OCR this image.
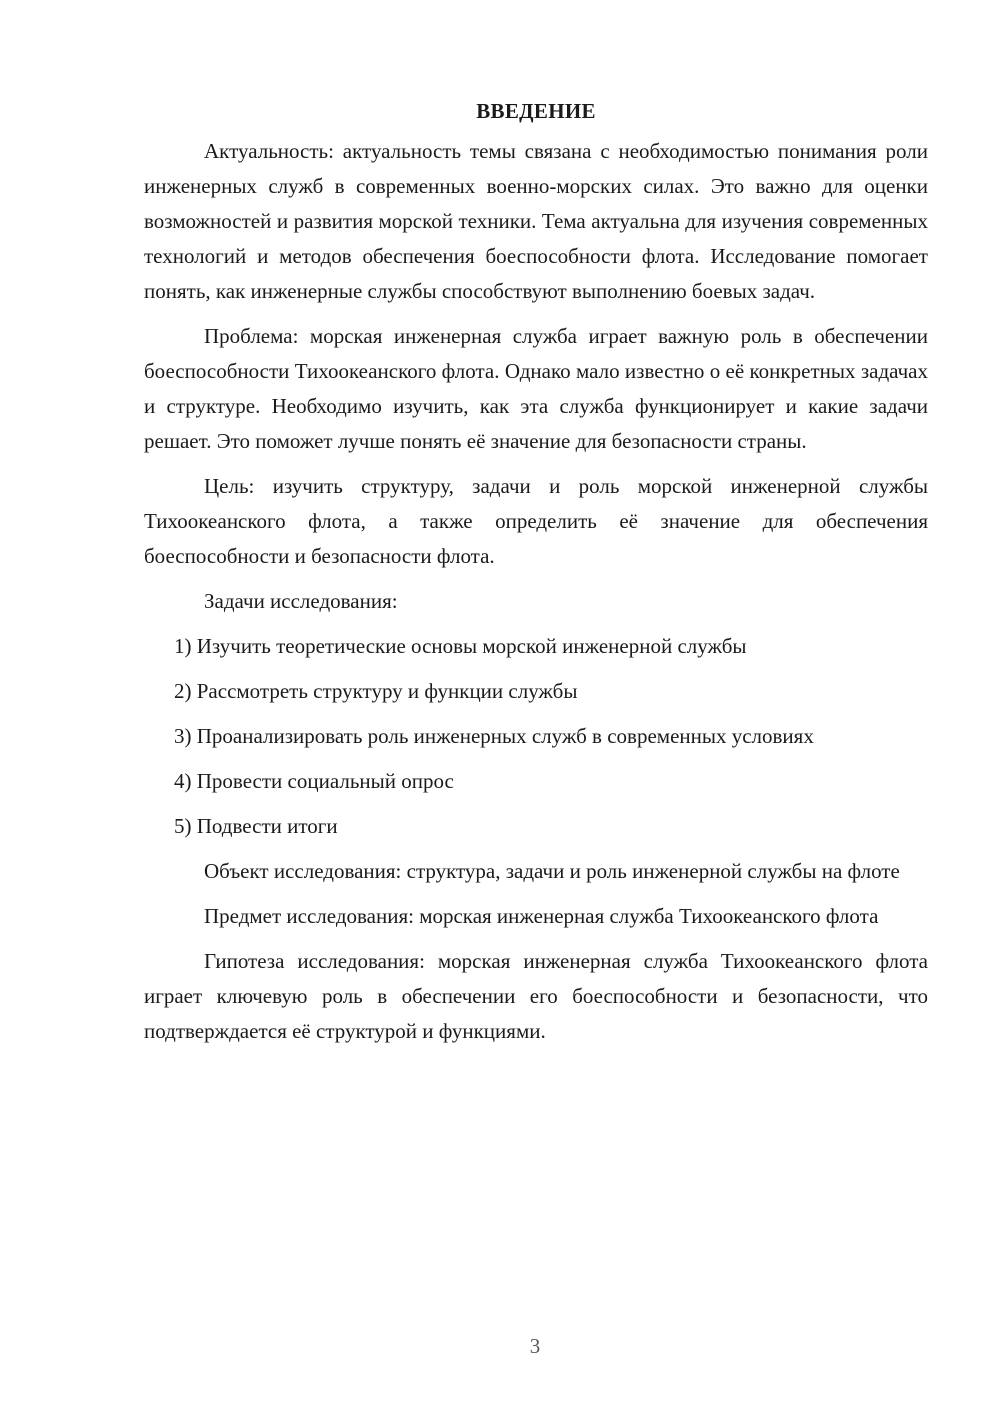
ВВЕДЕНИЕ

Актуальность: актуальность темы связана с необходимостью понимания роли инженерных служб в современных военно-морских силах. Это важно для оценки возможностей и развития морской техники. Тема актуальна для изучения современных технологий и методов обеспечения боеспособности флота. Исследование помогает понять, как инженерные службы способствуют выполнению боевых задач.

Проблема: морская инженерная служба играет важную роль в обеспечении боеспособности Тихоокеанского флота. Однако мало известно о её конкретных задачах и структуре. Необходимо изучить, как эта служба функционирует и какие задачи решает. Это поможет лучше понять её значение для безопасности страны.

Цель: изучить структуру, задачи и роль морской инженерной службы Тихоокеанского флота, а также определить её значение для обеспечения боеспособности и безопасности флота.

Задачи исследования:

1) Изучить теоретические основы морской инженерной службы

2) Рассмотреть структуру и функции службы

3) Проанализировать роль инженерных служб в современных условиях

4) Провести социальный опрос

5) Подвести итоги

Объект исследования: структура, задачи и роль инженерной службы на флоте

Предмет исследования: морская инженерная служба Тихоокеанского флота

Гипотеза исследования: морская инженерная служба Тихоокеанского флота играет ключевую роль в обеспечении его боеспособности и безопасности, что подтверждается её структурой и функциями.

3
